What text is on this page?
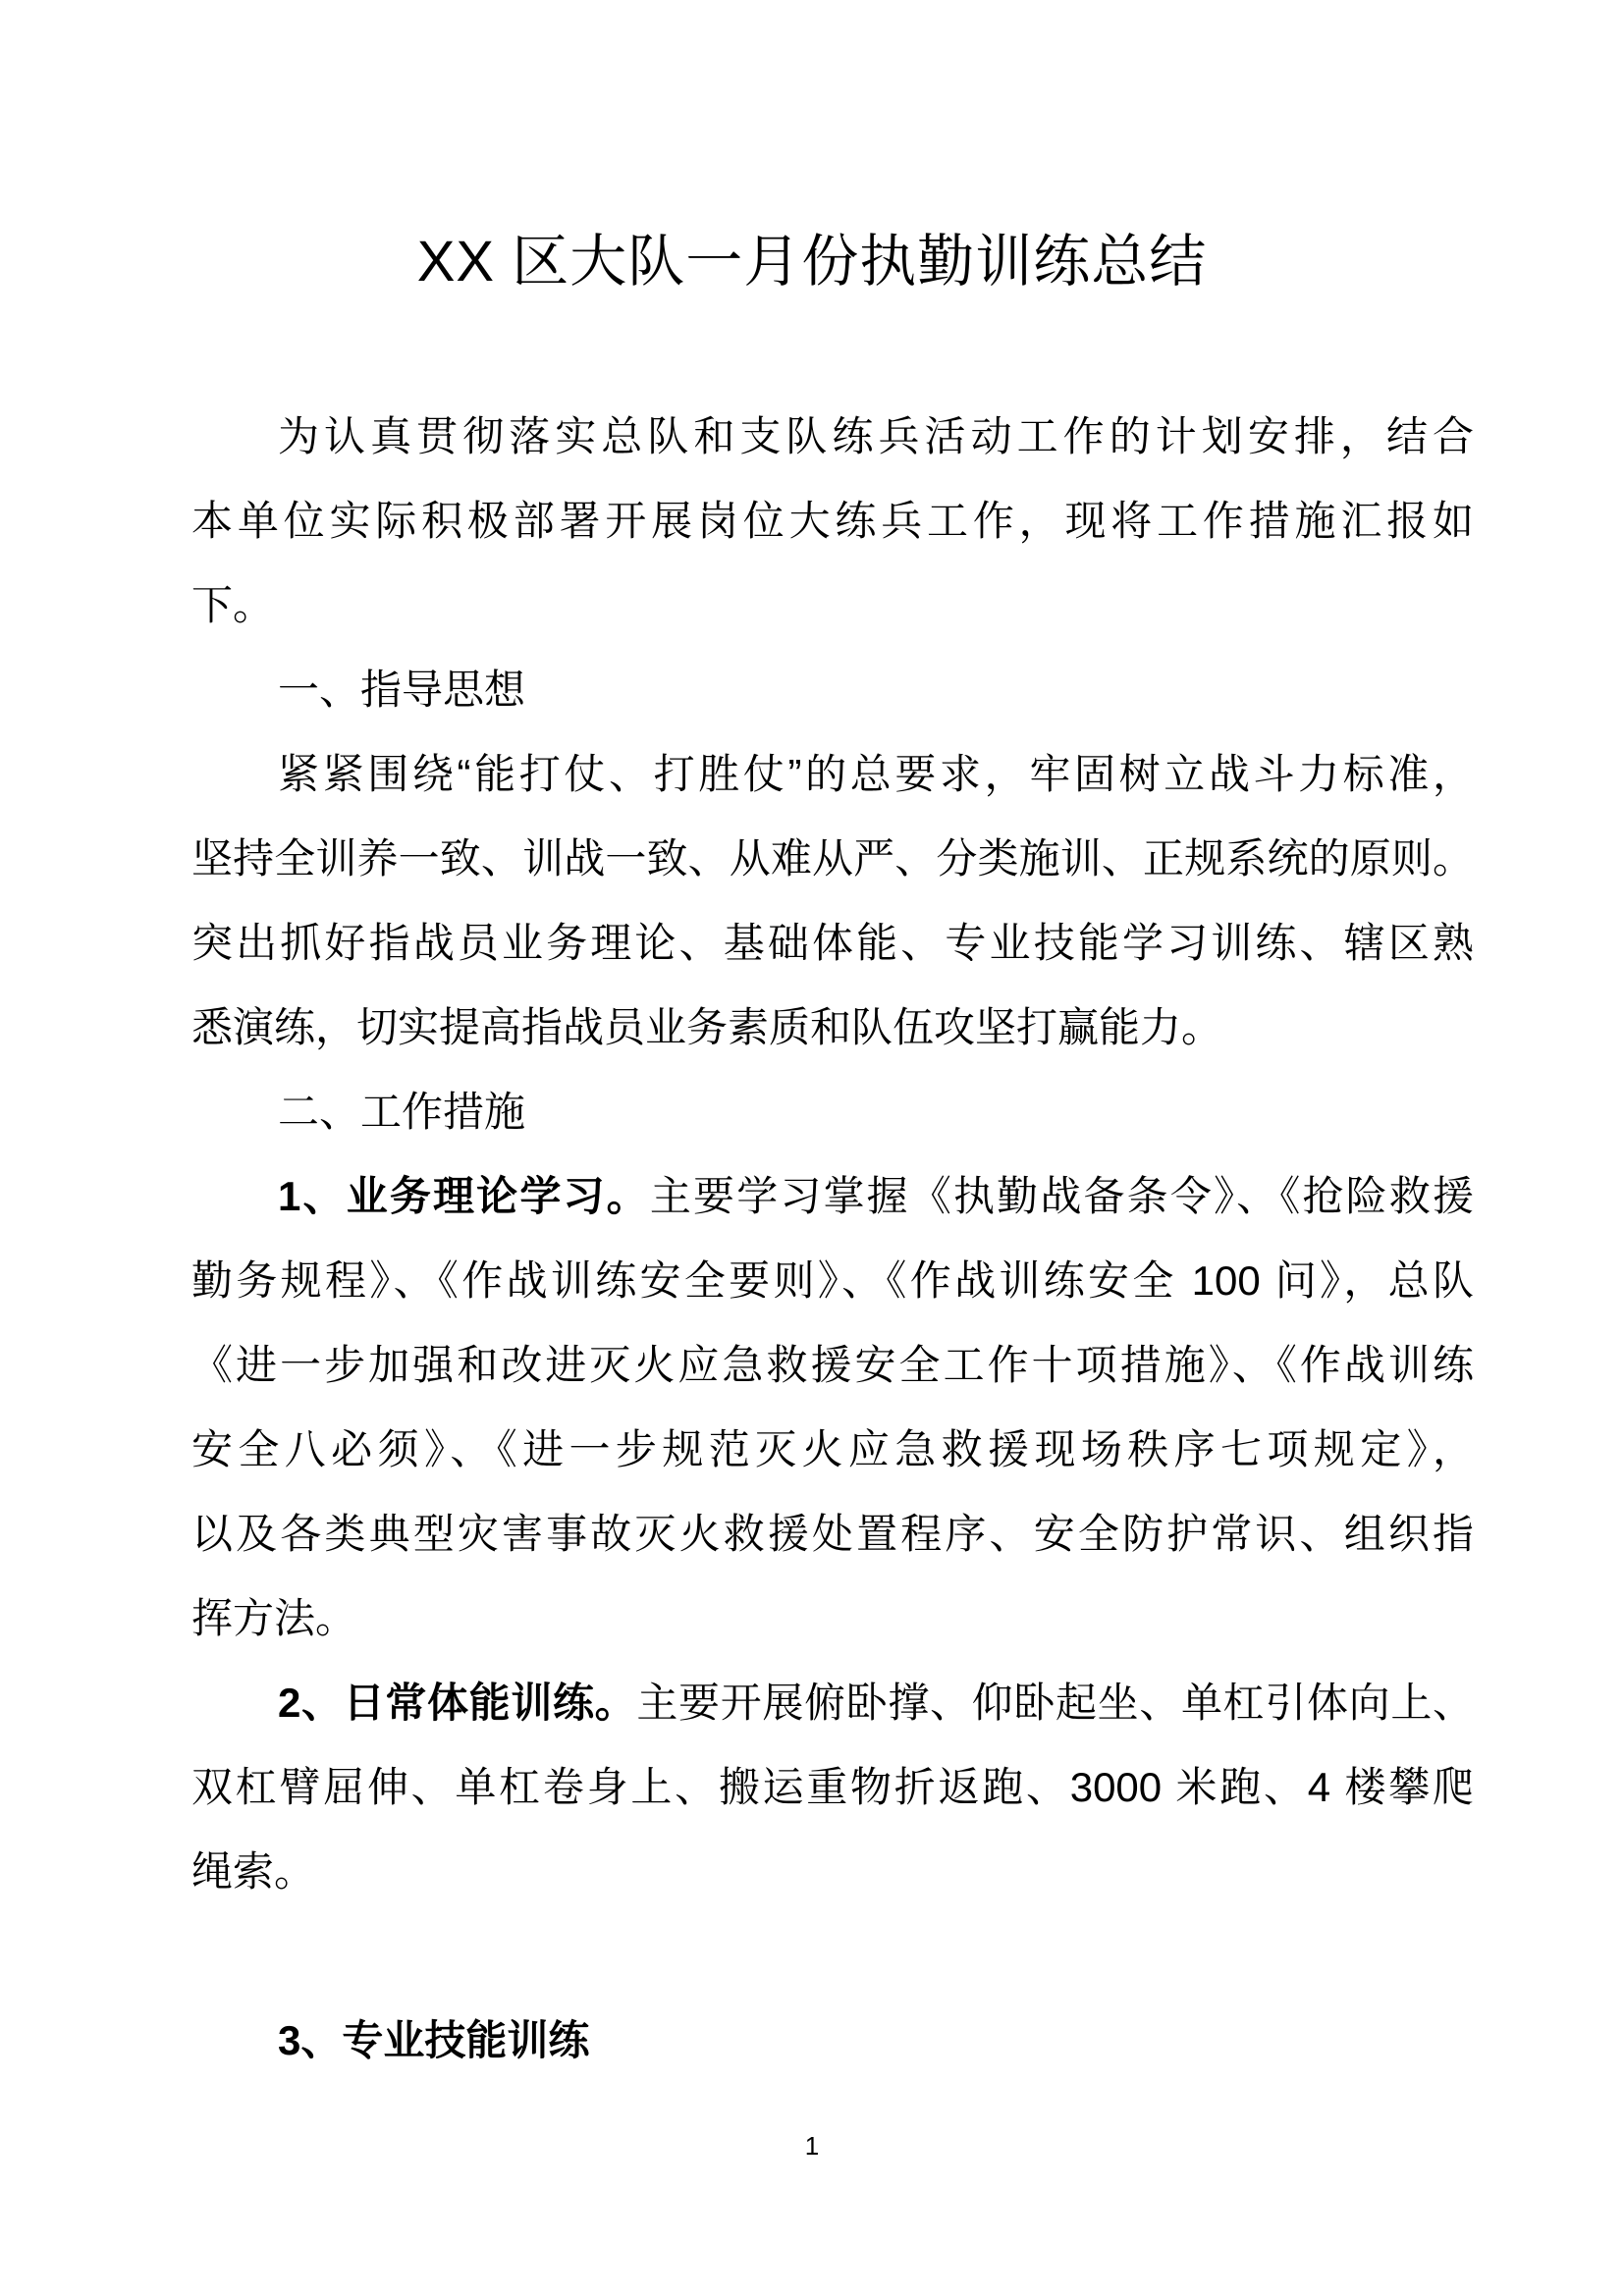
XX 区大队一月份执勤训练总结
为认真贯彻落实总队和支队练兵活动工作的计划安排，结合
本单位实际积极部署开展岗位大练兵工作，现将工作措施汇报如
下。
一、指导思想
紧紧围绕“能打仗、打胜仗”的总要求，牢固树立战斗力标准，
坚持全训养一致、训战一致、从难从严、分类施训、正规系统的原则。
突出抓好指战员业务理论、基础体能、专业技能学习训练、辖区熟
悉演练，切实提高指战员业务素质和队伍攻坚打赢能力。
二、工作措施
1、业务理论学习。主要学习掌握《执勤战备条令》、《抢险救援
勤务规程》、《作战训练安全要则》、《作战训练安全 100 问》，总队
《进一步加强和改进灭火应急救援安全工作十项措施》、《作战训练
安全八必须》、《进一步规范灭火应急救援现场秩序七项规定》，
以及各类典型灾害事故灭火救援处置程序、安全防护常识、组织指
挥方法。
2、日常体能训练。主要开展俯卧撑、仰卧起坐、单杠引体向上、
双杠臂屈伸、单杠卷身上、搬运重物折返跑、3000 米跑、4 楼攀爬
绳索。
3、专业技能训练
1
